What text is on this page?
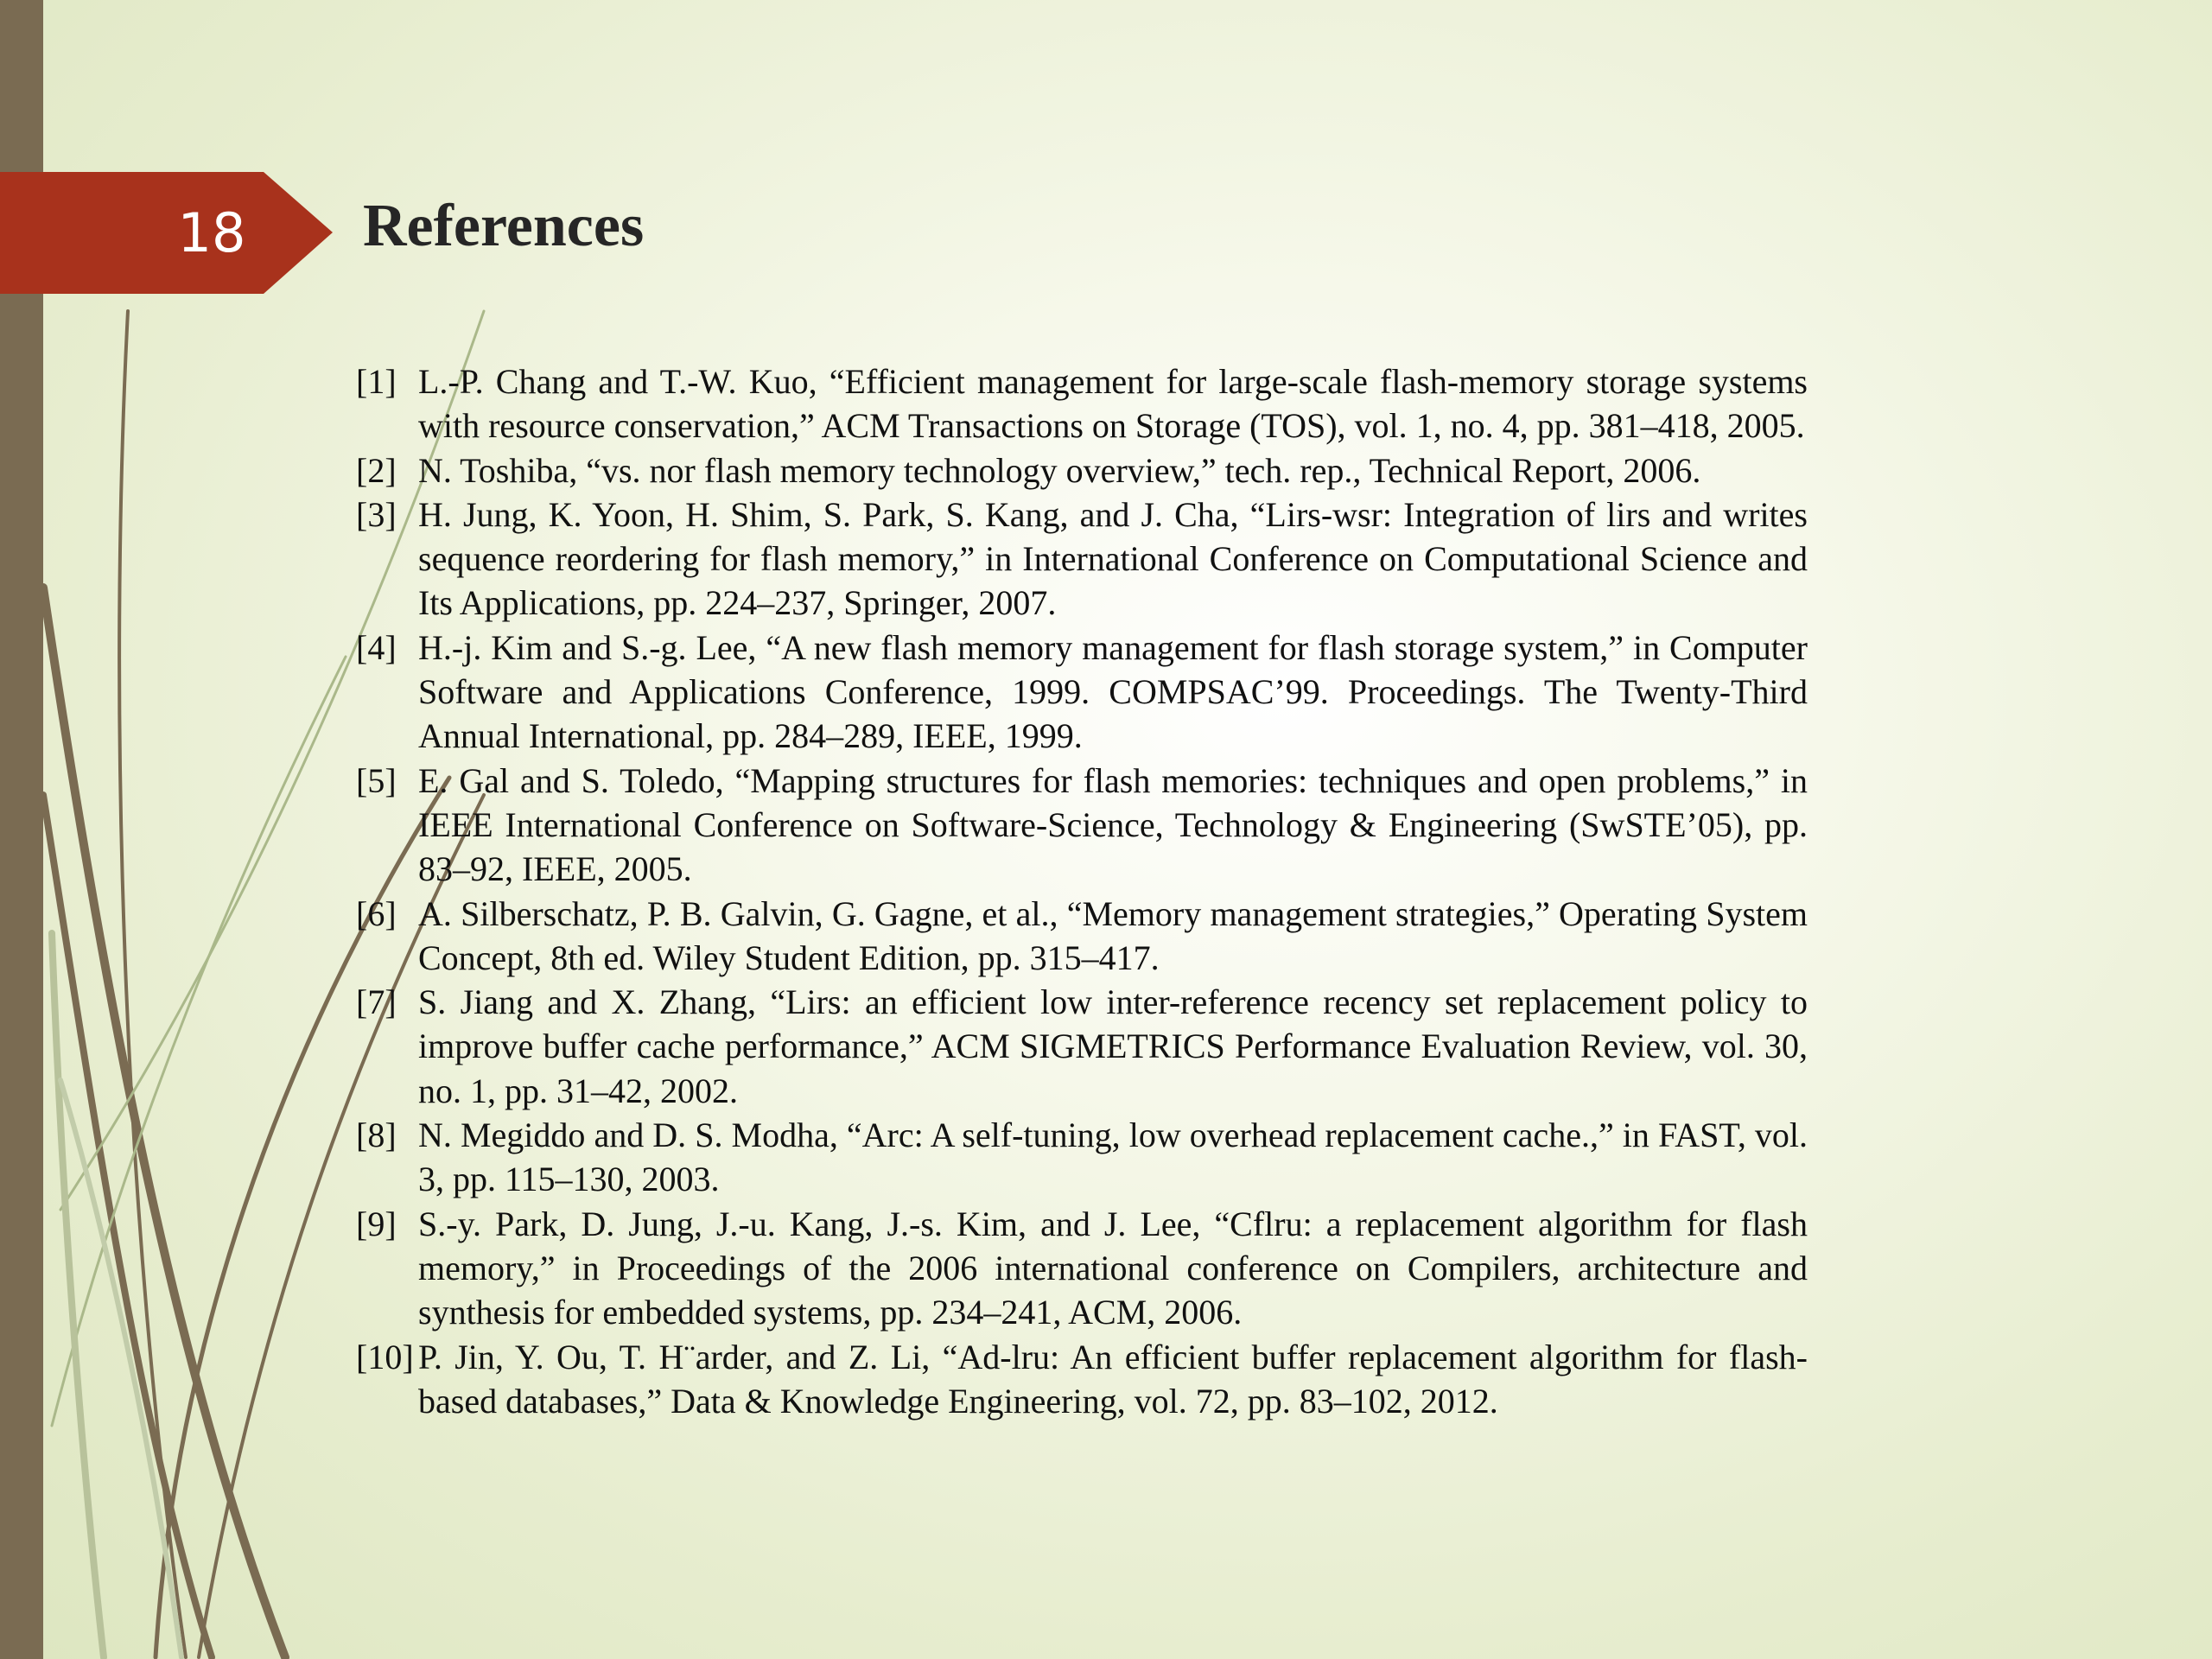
18 References
[1] L.-P. Chang and T.-W. Kuo, “Efficient management for large-scale flash-memory storage systems with resource conservation,” ACM Transactions on Storage (TOS), vol. 1, no. 4, pp. 381–418, 2005.
[2] N. Toshiba, “vs. nor flash memory technology overview,” tech. rep., Technical Report, 2006.
[3] H. Jung, K. Yoon, H. Shim, S. Park, S. Kang, and J. Cha, “Lirs-wsr: Integration of lirs and writes sequence reordering for flash memory,” in International Conference on Computational Science and Its Applications, pp. 224–237, Springer, 2007.
[4] H.-j. Kim and S.-g. Lee, “A new flash memory management for flash storage system,” in Computer Software and Applications Conference, 1999. COMPSAC’99. Proceedings. The Twenty-Third Annual International, pp. 284–289, IEEE, 1999.
[5] E. Gal and S. Toledo, “Mapping structures for flash memories: techniques and open problems,” in IEEE International Conference on Software-Science, Technology & Engineering (SwSTE’05), pp. 83–92, IEEE, 2005.
[6] A. Silberschatz, P. B. Galvin, G. Gagne, et al., “Memory management strategies,” Operating System Concept, 8th ed. Wiley Student Edition, pp. 315–417.
[7] S. Jiang and X. Zhang, “Lirs: an efficient low inter-reference recency set replacement policy to improve buffer cache performance,” ACM SIGMETRICS Performance Evaluation Review, vol. 30, no. 1, pp. 31–42, 2002.
[8] N. Megiddo and D. S. Modha, “Arc: A self-tuning, low overhead replacement cache.,” in FAST, vol. 3, pp. 115–130, 2003.
[9] S.-y. Park, D. Jung, J.-u. Kang, J.-s. Kim, and J. Lee, “Cflru: a replacement algorithm for flash memory,” in Proceedings of the 2006 international conference on Compilers, architecture and synthesis for embedded systems, pp. 234–241, ACM, 2006.
[10] P. Jin, Y. Ou, T. H¨arder, and Z. Li, “Ad-lru: An efficient buffer replacement algorithm for flash-based databases,” Data & Knowledge Engineering, vol. 72, pp. 83–102, 2012.
